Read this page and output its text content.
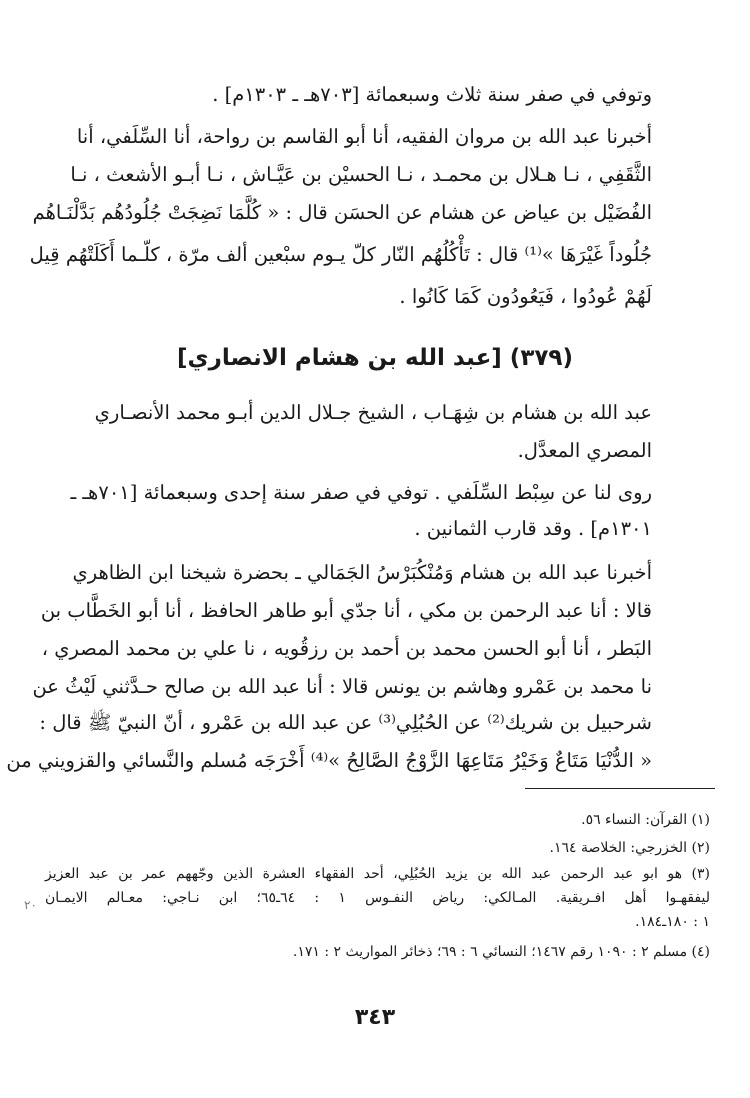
وتوفي في صفر سنة ثلاث وسبعمائة [٧٠٣هـ ـ ١٣٠٣م] .
أخبرنا عبد الله بن مروان الفقيه، أنا أبو القاسم بن رواحة، أنا السِّلَفي، أنا
الثَّقَفِي ، نـا هـلال بن محمـد ، نـا الحسيْن بن عَيَّـاش ، نـا أبـو الأشعث ، نـا
الفُضَيْل بن عياض عن هشام عن الحسَن قال : « كُلَّمَا نَضِجَتْ جُلُودُهُم بَدَّلْنَـاهُم
جُلُوداً غَيْرَهَا »⁽¹⁾ قال : تَأْكُلُهُم النّار كلّ يـوم سبْعين ألف مرّة ، كلّـما أَكَلَتْهُم قِيل
لَهُمْ عُودُوا ، فَيَعُودُون كَمَا كَانُوا .
(٣٧٩) [عبد الله بن هشام الانصاري]
عبد الله بن هشام بن شِهَـاب ، الشيخ جـلال الدين أبـو محمد الأنصـاري
المصري المعدَّل.
روى لنا عن سِبْط السِّلَفي . توفي في صفر سنة إحدى وسبعمائة [٧٠١هـ ـ
١٣٠١م] . وقد قارب الثمانين .
أخبرنا عبد الله بن هشام وَمُنْكُبَرْسُ الجَمَالي ـ بحضرة شيخنا ابن الظاهري
قالا : أنا عبد الرحمن بن مكي ، أنا جدّي أبو طاهر الحافظ ، أنا أبو الخَطَّاب بن
البَطر ، أنا أبو الحسن محمد بن أحمد بن رزقُويه ، نا علي بن محمد المصري ،
نا محمد بن عَمْرو وهاشم بن يونس قالا : أنا عبد الله بن صالح حـدَّثني لَيْثُ عن
شرحبيل بن شريك⁽²⁾ عن الحُبُلِي⁽³⁾ عن عبد الله بن عَمْرو ، أنّ النبيّ ﷺ قال :
« الدُّنْيَا مَتَاعٌ وَخَيْرُ مَتَاعِهَا الزَّوْجُ الصَّالِحُ »⁽⁴⁾ أَخْرَجَه مُسلم والنَّسائي والقزويني من
(١) القرآن: النساء ٥٦.
(٢) الخزرجي: الخلاصة ١٦٤.
(٣) هو ابو عبد الرحمن عبد الله بن يزيد الحُبُلِي، أحد الفقهاء العشرة الذين وجّههم عمر بن عبد العزيز
ليفقهـوا أهل افـريقية. المـالكي: رياض النفـوس ١ : ٦٤ـ٦٥؛ ابن نـاجي: معـالم الايمـان
١ : ١٨٠ـ١٨٤.
(٤) مسلم ٢ : ١٠٩٠ رقم ١٤٦٧؛ النسائي ٦ : ٦٩؛ ذخائر المواريث ٢ : ١٧١.
٢٠
٣٤٣
